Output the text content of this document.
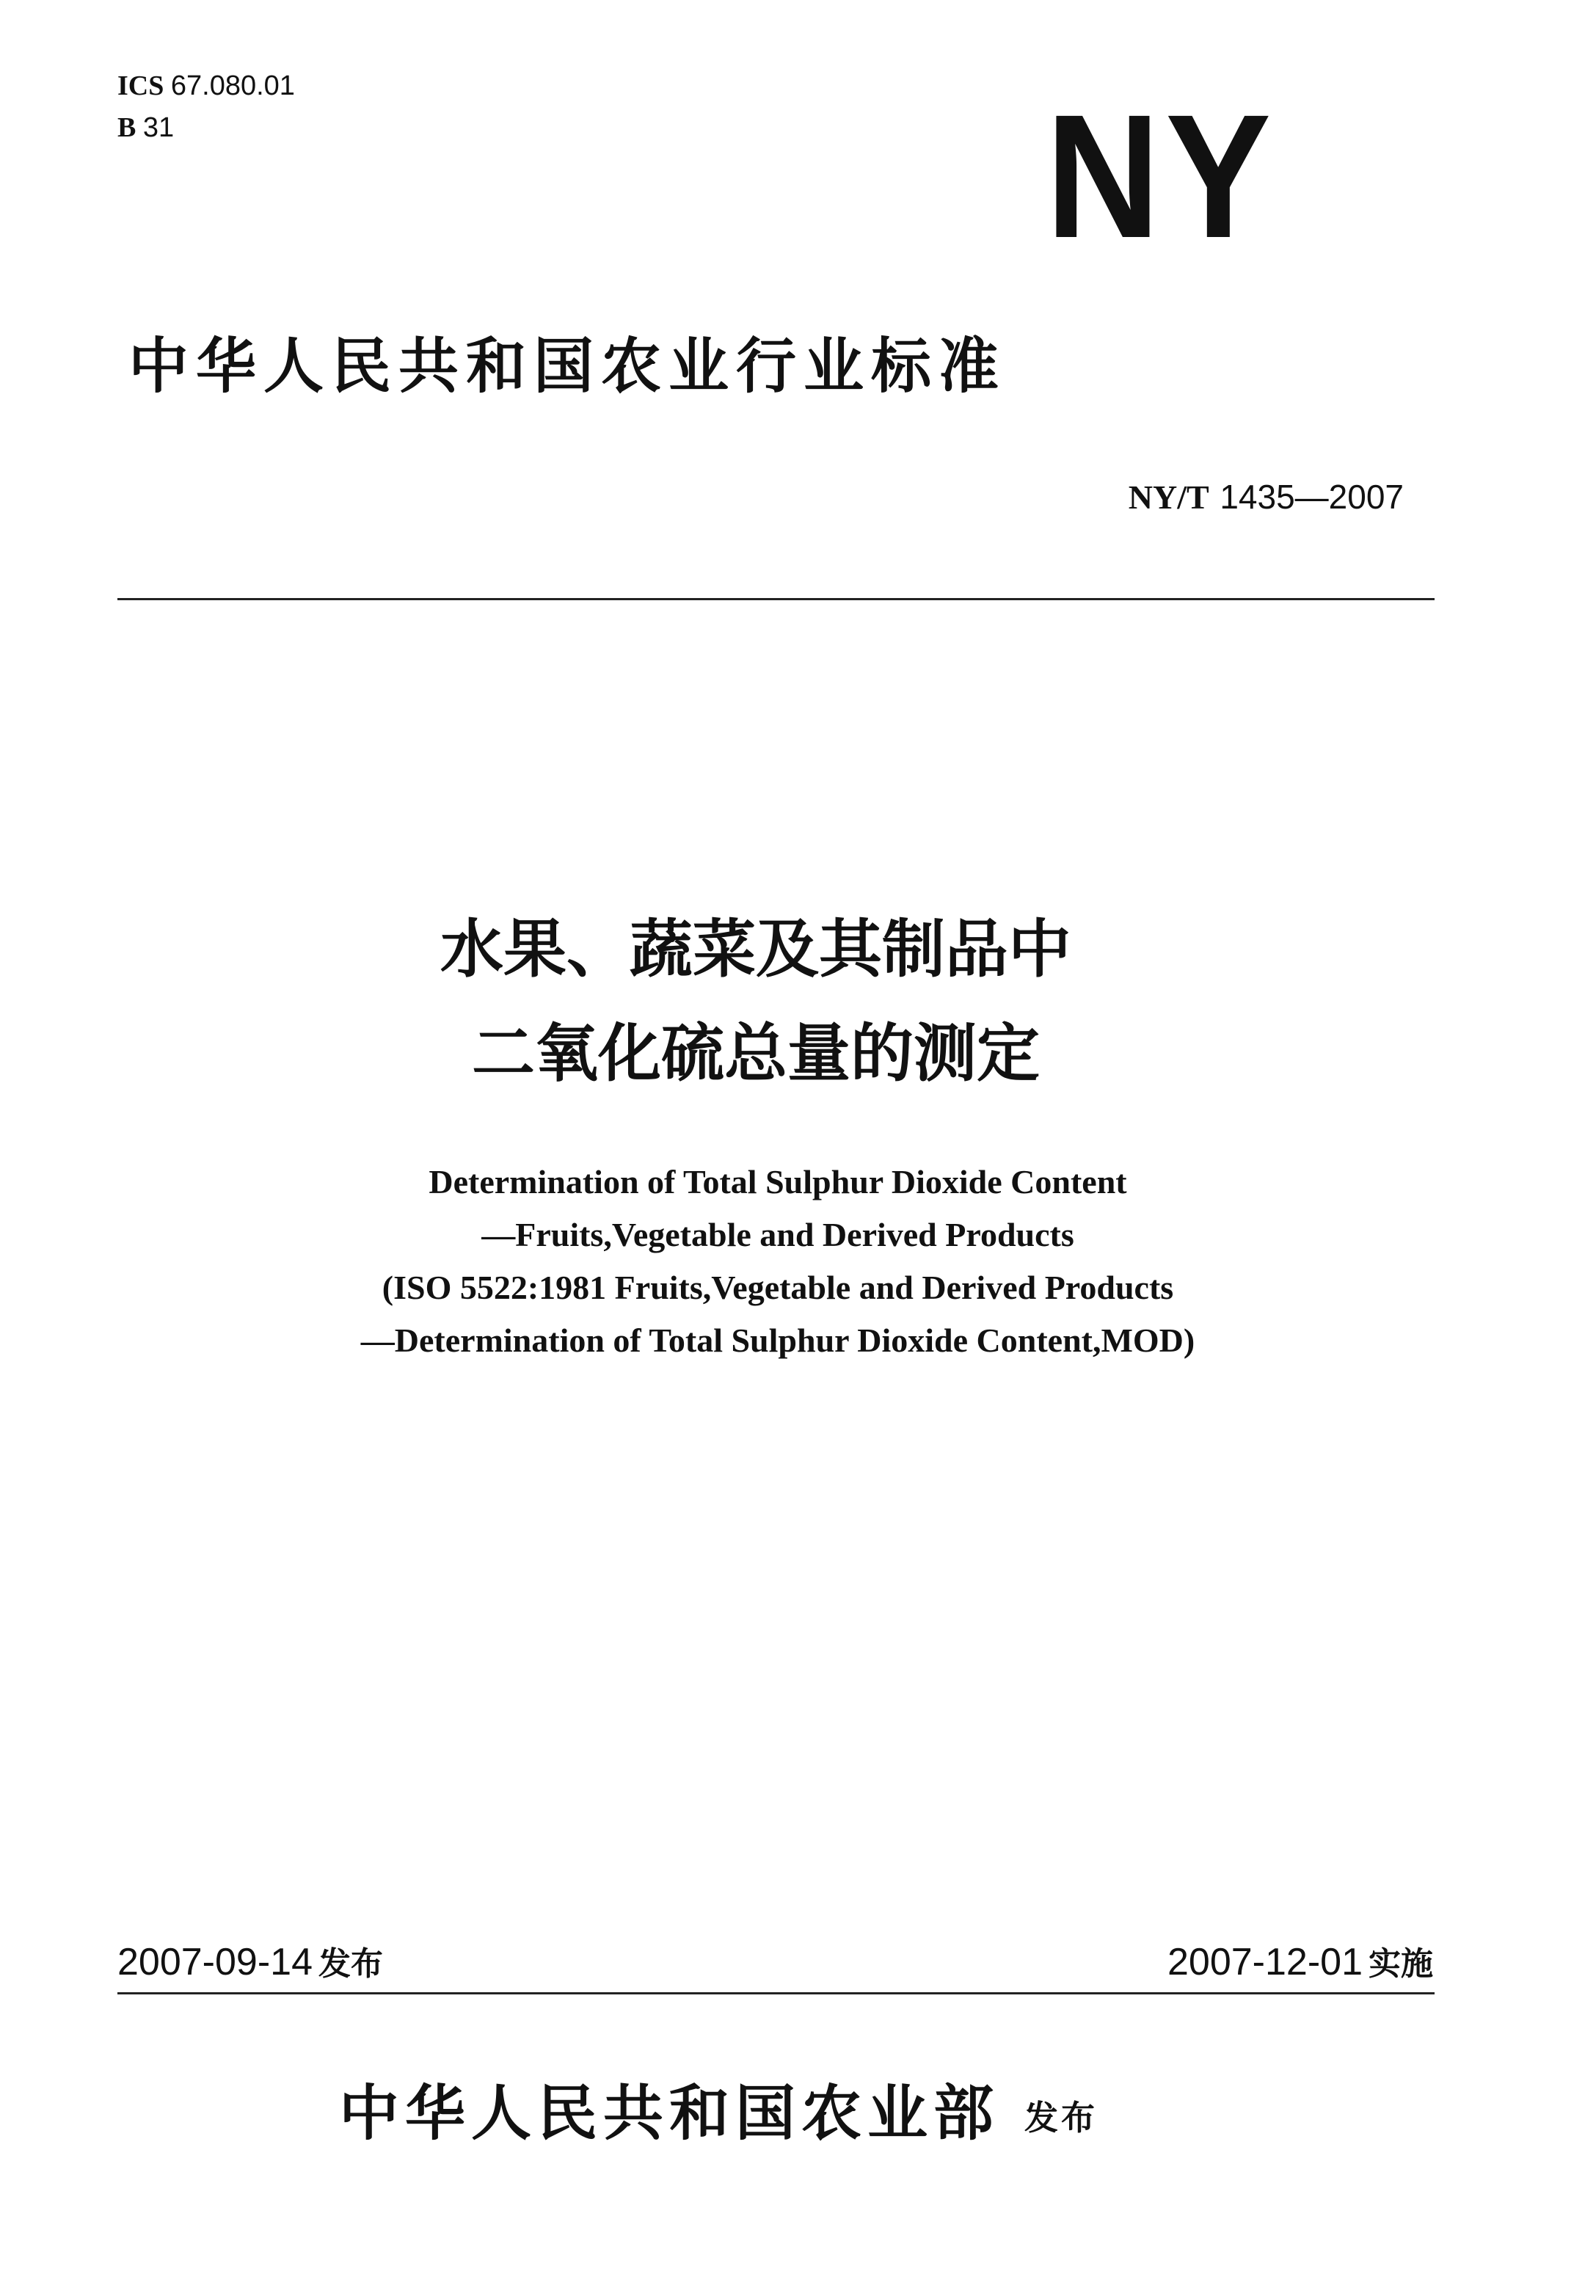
ICS 67.080.01
B 31	NY
中华人民共和国农业行业标准
NY/T 1435—2007
水果、蔬菜及其制品中
二氧化硫总量的测定
Determination of Total Sulphur Dioxide Content
—Fruits,Vegetable and Derived Products
(ISO 5522:1981 Fruits,Vegetable and Derived Products
—Determination of Total Sulphur Dioxide Content,MOD)
2007-09-14 发布	2007-12-01 实施
中华人民共和国农业部 发布
